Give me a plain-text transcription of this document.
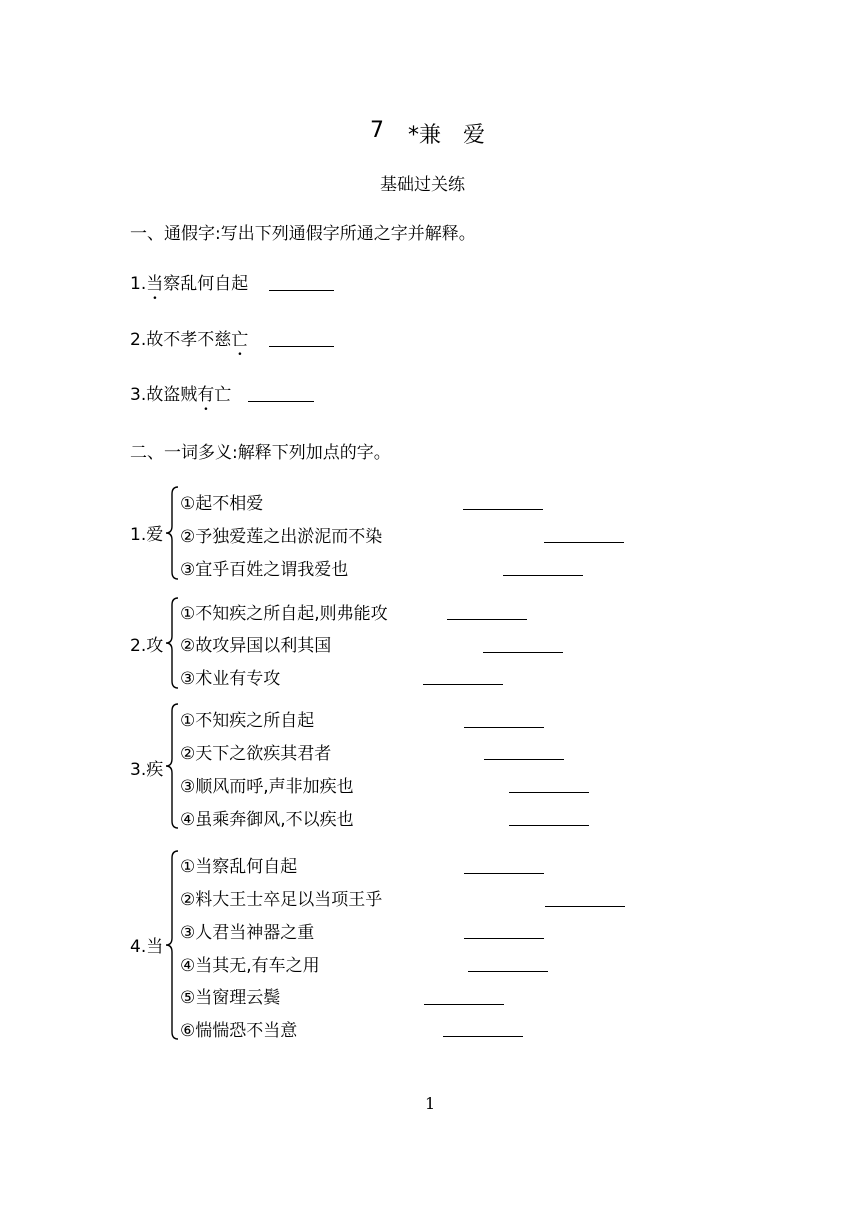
7 *兼　爱
基础过关练
一、通假字:写出下列通假字所通之字并解释。
1.当察乱何自起
2.故不孝不慈亡
3.故盗贼有亡
二、一词多义:解释下列加点的字。
1.爱
①起不相爱
②予独爱莲之出淤泥而不染
③宜乎百姓之谓我爱也
2.攻
①不知疾之所自起,则弗能攻
②故攻异国以利其国
③术业有专攻
3.疾
①不知疾之所自起
②天下之欲疾其君者
③顺风而呼,声非加疾也
④虽乘奔御风,不以疾也
4.当
①当察乱何自起
②料大王士卒足以当项王乎
③人君当神器之重
④当其无,有车之用
⑤当窗理云鬓
⑥惴惴恐不当意
1
